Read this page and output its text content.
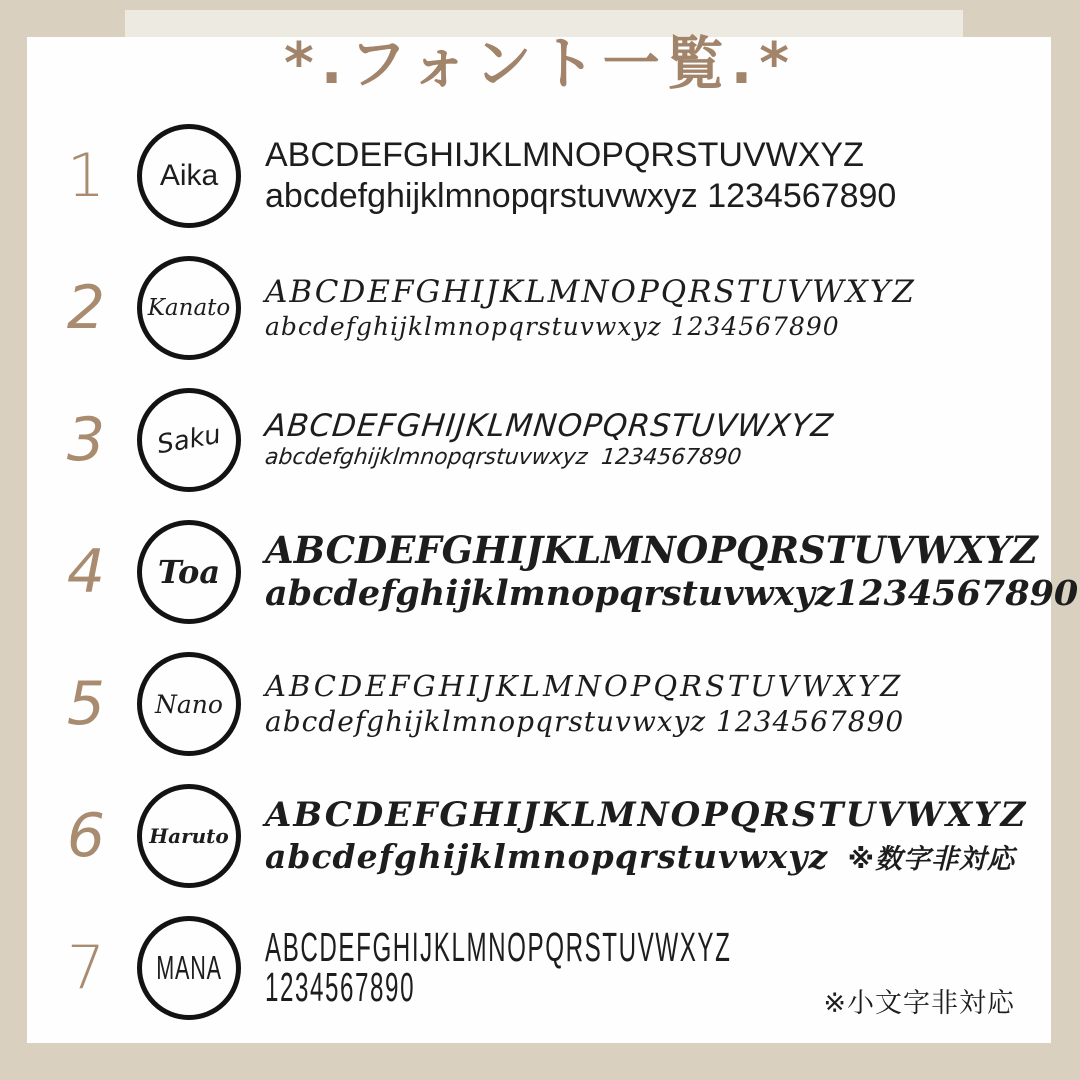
*.フォント一覧.*
1	Aika
ABCDEFGHIJKLMNOPQRSTUVWXYZ
abcdefghijklmnopqrstuvwxyz 1234567890
2	Kanato ABCDEFGHIJKLMNOPQRSTUVWXYZ
abcdefghijklmnopqrstuvwxyz 1234567890
3	Saku ABCDEFGHIJKLMNOPQRSTUVWXYZ
abcdefghijklmnopqrstuvwxyz  1234567890
4	Toa ABCDEFGHIJKLMNOPQRSTUVWXYZ
abcdefghijklmnopqrstuvwxyz1234567890
5	Nano
ABCDEFGHIJKLMNOPQRSTUVWXYZ
abcdefghijklmnopqrstuvwxyz 1234567890
6	Haruto
ABCDEFGHIJKLMNOPQRSTUVWXYZ
abcdefghijklmnopqrstuvwxyz ※数字非対応
7	MANA ABCDEFGHIJKLMNOPQRSTUVWXYZ
1234567890	※小文字非対応
